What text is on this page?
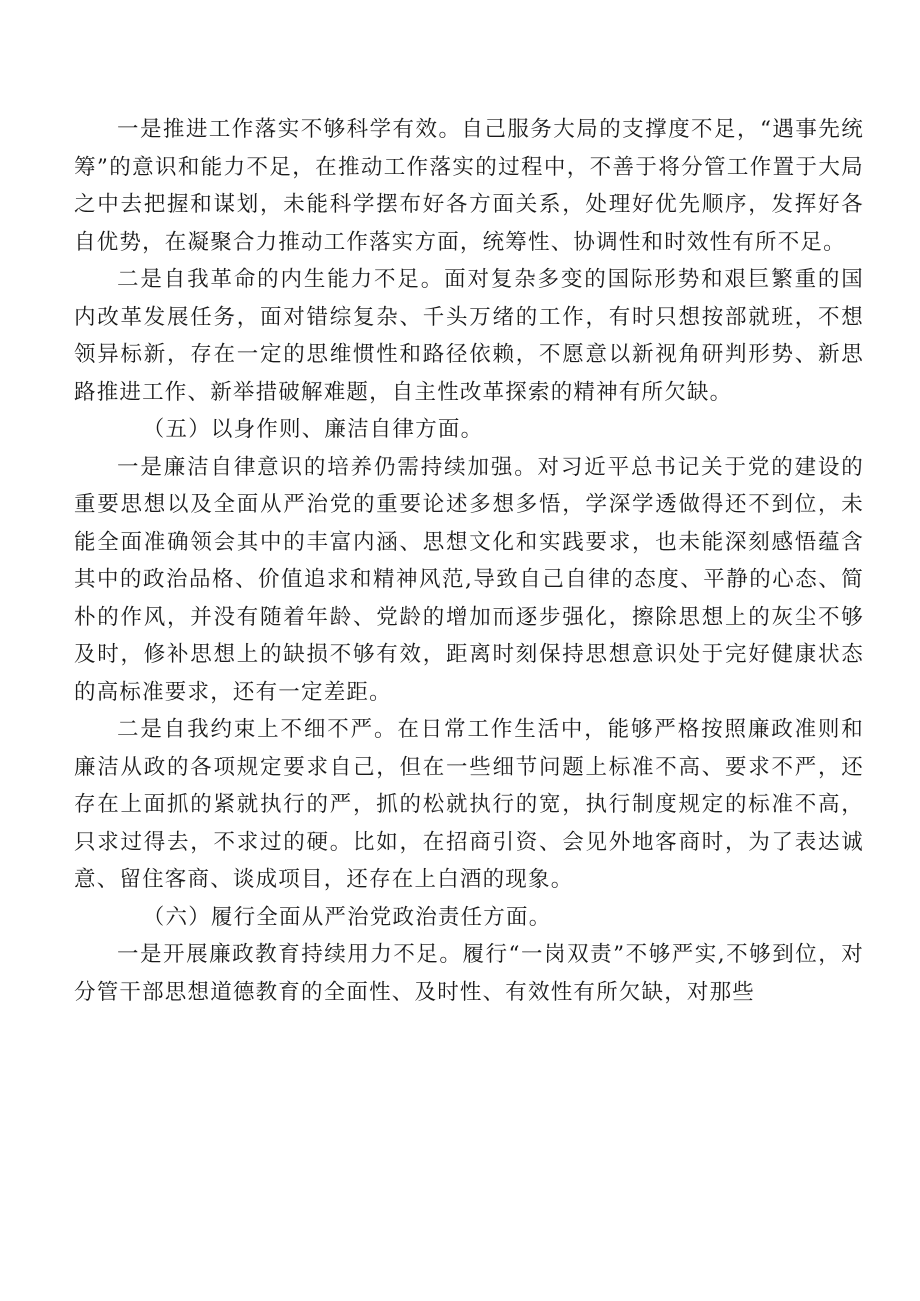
一是推进工作落实不够科学有效。自己服务大局的支撑度不足，“遇事先统筹”的意识和能力不足，在推动工作落实的过程中，不善于将分管工作置于大局之中去把握和谋划，未能科学摆布好各方面关系，处理好优先顺序，发挥好各自优势，在凝聚合力推动工作落实方面，统筹性、协调性和时效性有所不足。

二是自我革命的内生能力不足。面对复杂多变的国际形势和艰巨繁重的国内改革发展任务，面对错综复杂、千头万绪的工作，有时只想按部就班，不想领异标新，存在一定的思维惯性和路径依赖，不愿意以新视角研判形势、新思路推进工作、新举措破解难题，自主性改革探索的精神有所欠缺。

（五）以身作则、廉洁自律方面。

一是廉洁自律意识的培养仍需持续加强。对习近平总书记关于党的建设的重要思想以及全面从严治党的重要论述多想多悟，学深学透做得还不到位，未能全面准确领会其中的丰富内涵、思想文化和实践要求，也未能深刻感悟蕴含其中的政治品格、价值追求和精神风范,导致自己自律的态度、平静的心态、简朴的作风，并没有随着年龄、党龄的增加而逐步强化，擦除思想上的灰尘不够及时，修补思想上的缺损不够有效，距离时刻保持思想意识处于完好健康状态的高标准要求，还有一定差距。

二是自我约束上不细不严。在日常工作生活中，能够严格按照廉政准则和廉洁从政的各项规定要求自己，但在一些细节问题上标准不高、要求不严，还存在上面抓的紧就执行的严，抓的松就执行的宽，执行制度规定的标准不高，只求过得去，不求过的硬。比如，在招商引资、会见外地客商时，为了表达诚意、留住客商、谈成项目，还存在上白酒的现象。

（六）履行全面从严治党政治责任方面。

一是开展廉政教育持续用力不足。履行“一岗双责”不够严实,不够到位，对分管干部思想道德教育的全面性、及时性、有效性有所欠缺，对那些
